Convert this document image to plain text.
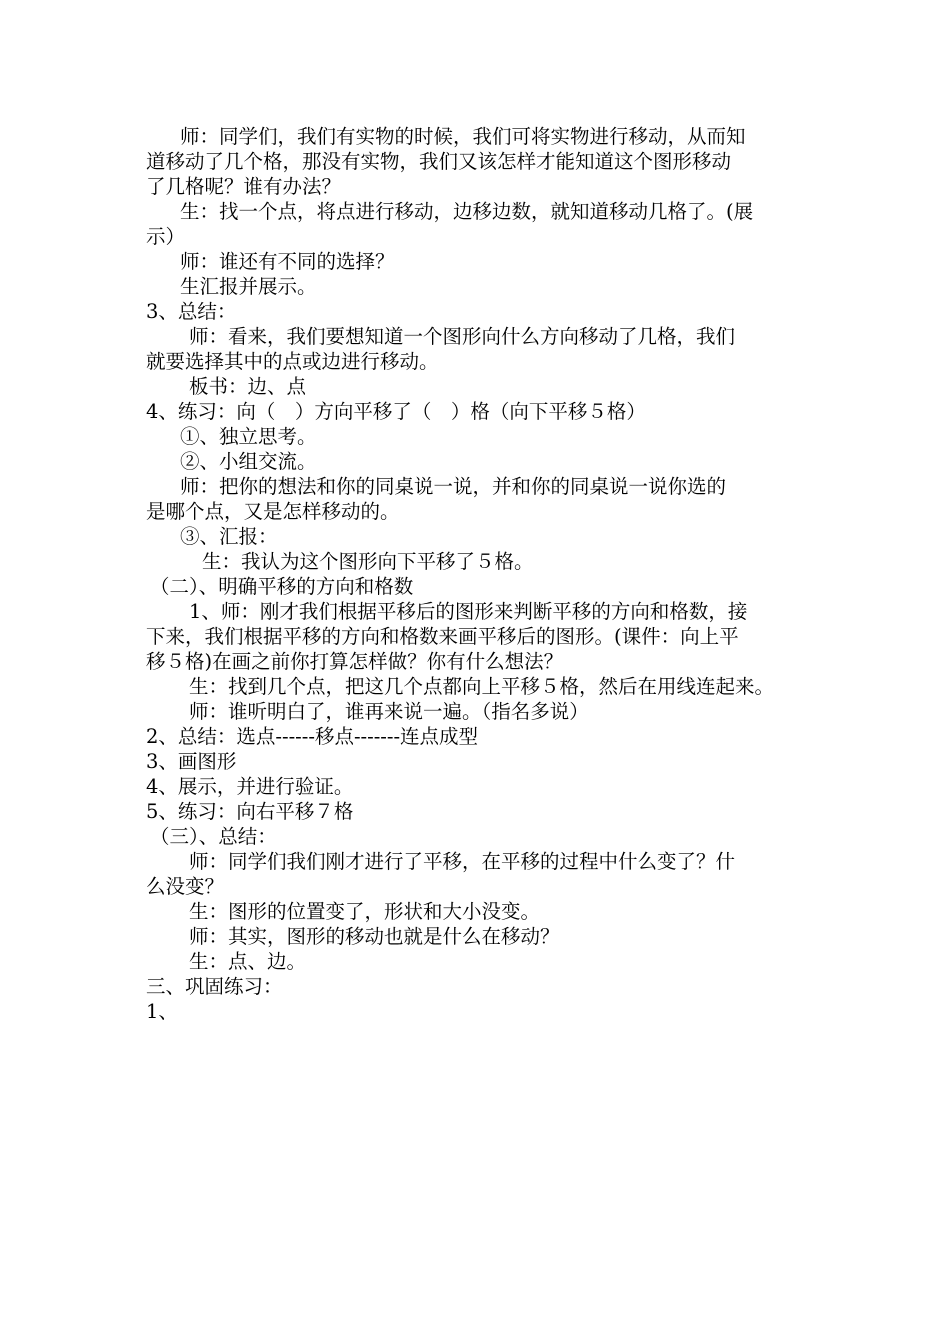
师：同学们，我们有实物的时候，我们可将实物进行移动，从而知
道移动了几个格，那没有实物，我们又该怎样才能知道这个图形移动
了几格呢？谁有办法？
生：找一个点，将点进行移动，边移边数，就知道移动几格了。(展
示）
师：谁还有不同的选择？
生汇报并展示。
3、总结：
师：看来，我们要想知道一个图形向什么方向移动了几格，我们
就要选择其中的点或边进行移动。
板书：边、点
4、练习：向（　）方向平移了（　）格（向下平移５格）
①、独立思考。
②、小组交流。
师：把你的想法和你的同桌说一说，并和你的同桌说一说你选的
是哪个点，又是怎样移动的。
③、汇报：
生：我认为这个图形向下平移了５格。
（二）、明确平移的方向和格数
1、师：刚才我们根据平移后的图形来判断平移的方向和格数，接
下来，我们根据平移的方向和格数来画平移后的图形。(课件：向上平
移５格)在画之前你打算怎样做？你有什么想法？
生：找到几个点，把这几个点都向上平移５格，然后在用线连起来。
师：谁听明白了，谁再来说一遍。（指名多说）
2、总结：选点------移点-------连点成型
3、画图形
4、展示，并进行验证。
5、练习：向右平移７格
（三）、总结：
师：同学们我们刚才进行了平移，在平移的过程中什么变了？什
么没变？
生：图形的位置变了，形状和大小没变。
师：其实，图形的移动也就是什么在移动？
生：点、边。
三、巩固练习：
1、
